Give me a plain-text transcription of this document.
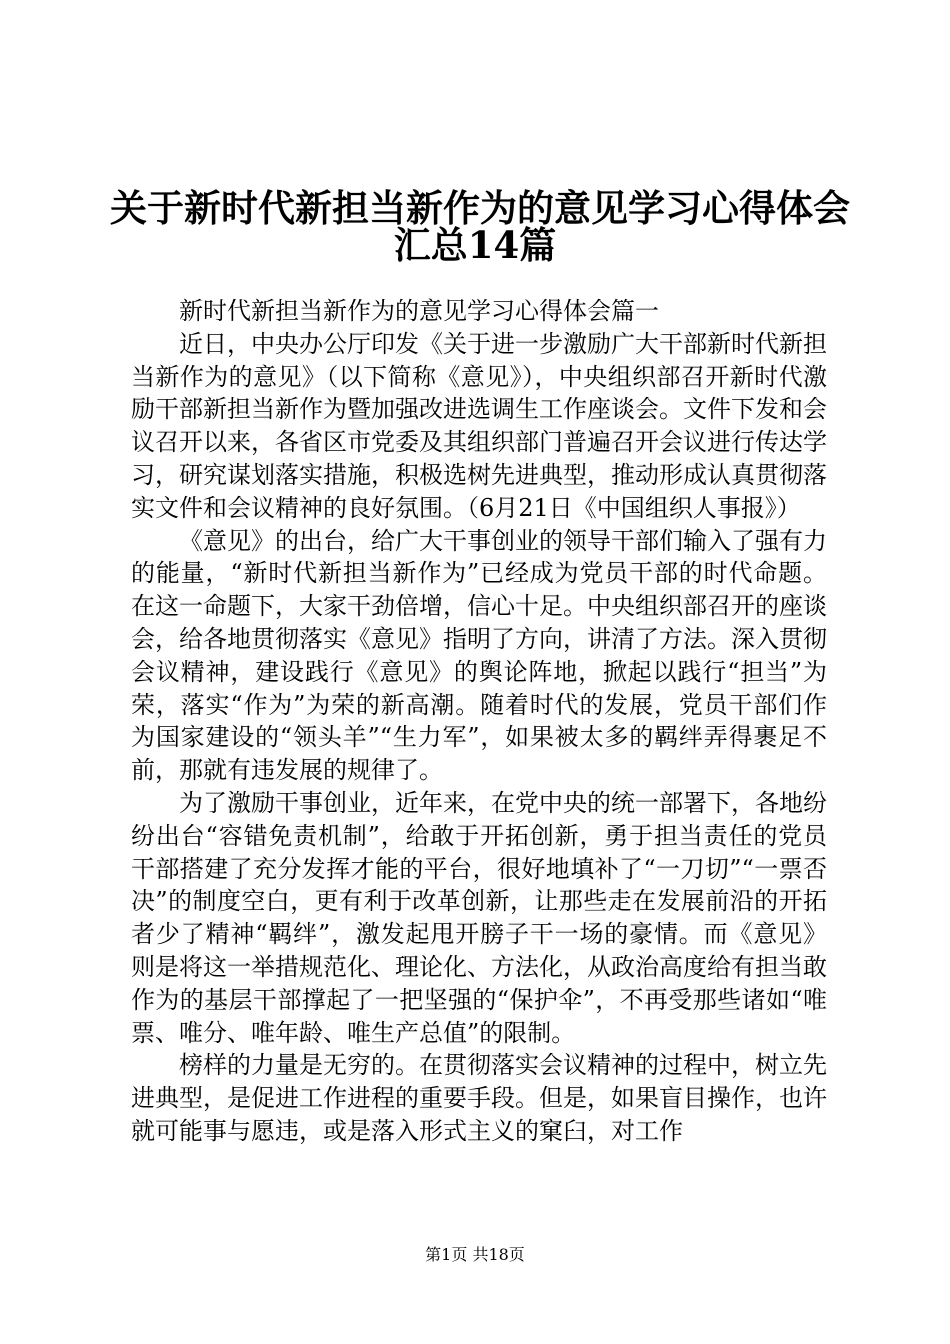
关于新时代新担当新作为的意见学习心得体会
汇总14篇

新时代新担当新作为的意见学习心得体会篇一

近日，中央办公厅印发《关于进一步激励广大干部新时代新担当新作为的意见》（以下简称《意见》），中央组织部召开新时代激励干部新担当新作为暨加强改进选调生工作座谈会。文件下发和会议召开以来，各省区市党委及其组织部门普遍召开会议进行传达学习，研究谋划落实措施，积极选树先进典型，推动形成认真贯彻落实文件和会议精神的良好氛围。（6月21日《中国组织人事报》）

《意见》的出台，给广大干事创业的领导干部们输入了强有力的能量，“新时代新担当新作为”已经成为党员干部的时代命题。在这一命题下，大家干劲倍增，信心十足。中央组织部召开的座谈会，给各地贯彻落实《意见》指明了方向，讲清了方法。深入贯彻会议精神，建设践行《意见》的舆论阵地，掀起以践行“担当”为荣，落实“作为”为荣的新高潮。随着时代的发展，党员干部们作为国家建设的“领头羊”“生力军”，如果被太多的羁绊弄得裹足不前，那就有违发展的规律了。

为了激励干事创业，近年来，在党中央的统一部署下，各地纷纷出台“容错免责机制”，给敢于开拓创新，勇于担当责任的党员干部搭建了充分发挥才能的平台，很好地填补了“一刀切”“一票否决”的制度空白，更有利于改革创新，让那些走在发展前沿的开拓者少了精神“羁绊”，激发起甩开膀子干一场的豪情。而《意见》则是将这一举措规范化、理论化、方法化，从政治高度给有担当敢作为的基层干部撑起了一把坚强的“保护伞”，不再受那些诸如“唯票、唯分、唯年龄、唯生产总值”的限制。

榜样的力量是无穷的。在贯彻落实会议精神的过程中，树立先进典型，是促进工作进程的重要手段。但是，如果盲目操作，也许就可能事与愿违，或是落入形式主义的窠臼，对工作

第1页 共18页
